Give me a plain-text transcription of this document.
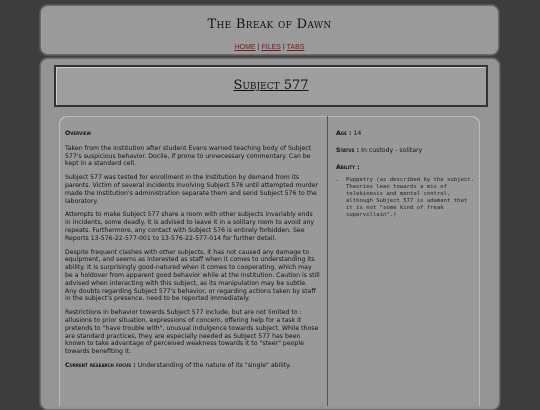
The Break of Dawn
HOME | FILES | TABS
Subject 577
Overview

Taken from the institution after student Evans warned teaching body of Subject 577's suspicious behavior. Docile, if prone to unnecessary commentary. Can be kept in a standard cell.

Subject 577 was tested for enrollment in the Institution by demand from its parents. Victim of several incidents involving Subject 576 until attempted murder made the Institution's administration separate them and send Subject 576 to the laboratory.

Attempts to make Subject 577 share a room with other subjects invariably ends in incidents, some deadly. It is advised to leave it in a solitary room to avoid any repeats. Furthermore, any contact with Subject 576 is entirely forbidden. See Reports 13-576-22-577-001 to 13-576-22-577-014 for further detail.

Despite frequent clashes with other subjects, it has not caused any damage to equipment, and seems as interested as staff when it comes to understanding its ability. It is surprisingly good-natured when it comes to cooperating, which may be a holdover from apparent good behavior while at the Institution. Caution is still advised when interacting with this subject, as its manipulation may be subtle. Any doubts regarding Subject 577's behavior, or regarding actions taken by staff in the subject's presence, need to be reported immediately.

Restrictions in behavior towards Subject 577 include, but are not limited to : allusions to prior situation, expressions of concern, offering help for a task it pretends to "have trouble with", unusual indulgence towards subject. While those are standard practices, they are especially needed as Subject 577 has been known to take advantage of perceived weakness towards it to "steer" people towards benefiting it.

Current research focus : Understanding of the nature of its "single" ability.

Age : 14
Status : In custody - solitary
Ability :
• Puppetry (as described by the subject. Theories lean towards a mix of telekinesis and mental control, although Subject 577 is adamant that it is not "some kind of freak supervillain".)
